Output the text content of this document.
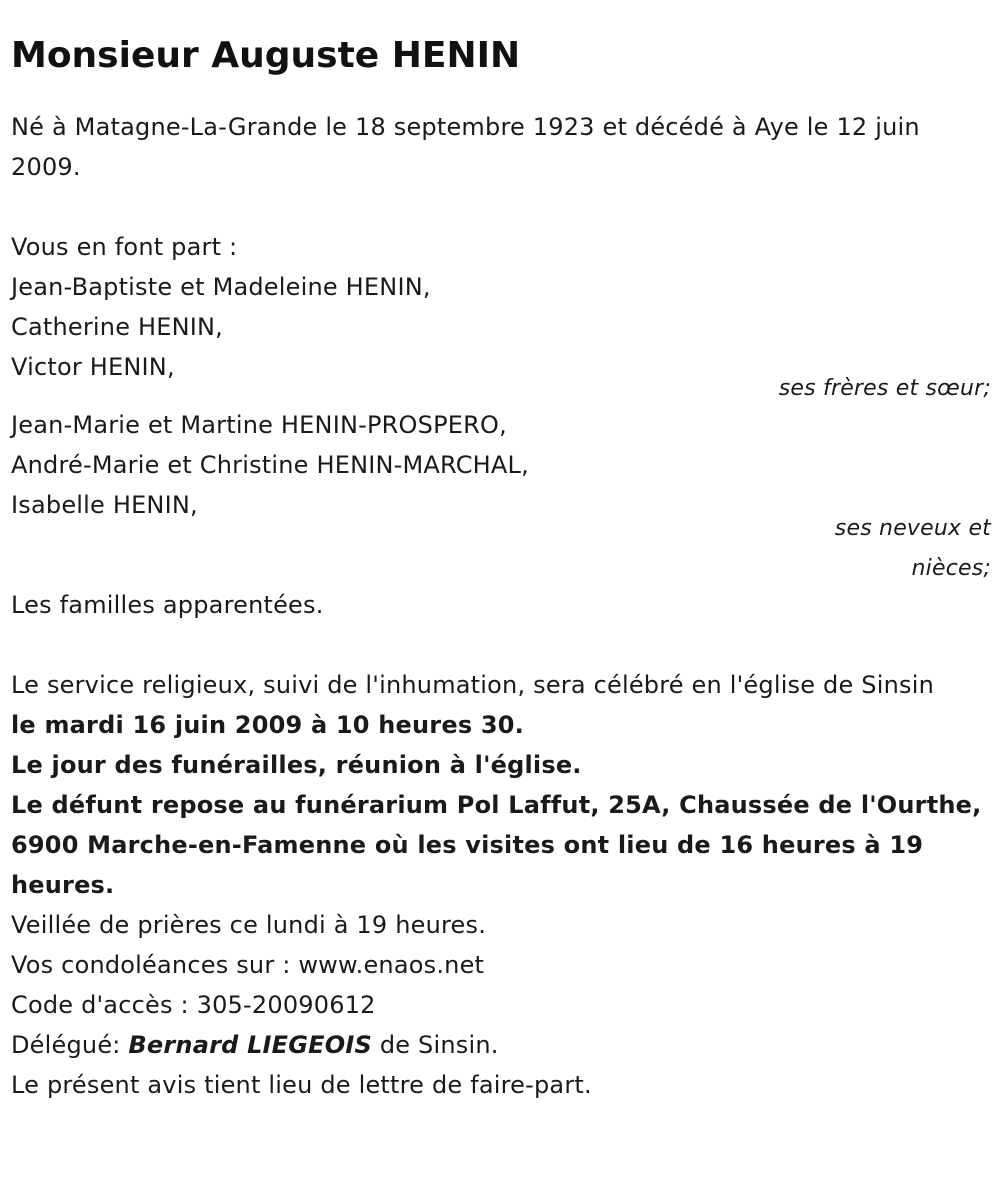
Monsieur Auguste HENIN
Né à Matagne-La-Grande le 18 septembre 1923 et décédé à Aye le 12 juin 2009.
Vous en font part :
Jean-Baptiste et Madeleine HENIN,
Catherine HENIN,
Victor HENIN,
ses frères et sœur;
Jean-Marie et Martine HENIN-PROSPERO,
André-Marie et Christine HENIN-MARCHAL,
Isabelle HENIN,
ses neveux et
nièces;
Les familles apparentées.
Le service religieux, suivi de l'inhumation, sera célébré en l'église de Sinsin
le mardi 16 juin 2009 à 10 heures 30.
Le jour des funérailles, réunion à l'église.
Le défunt repose au funérarium Pol Laffut, 25A, Chaussée de l'Ourthe, 6900 Marche-en-Famenne où les visites ont lieu de 16 heures à 19 heures.
Veillée de prières ce lundi à 19 heures.
Vos condoléances sur : www.enaos.net
Code d'accès : 305-20090612
Délégué: Bernard LIEGEOIS de Sinsin.
Le présent avis tient lieu de lettre de faire-part.
